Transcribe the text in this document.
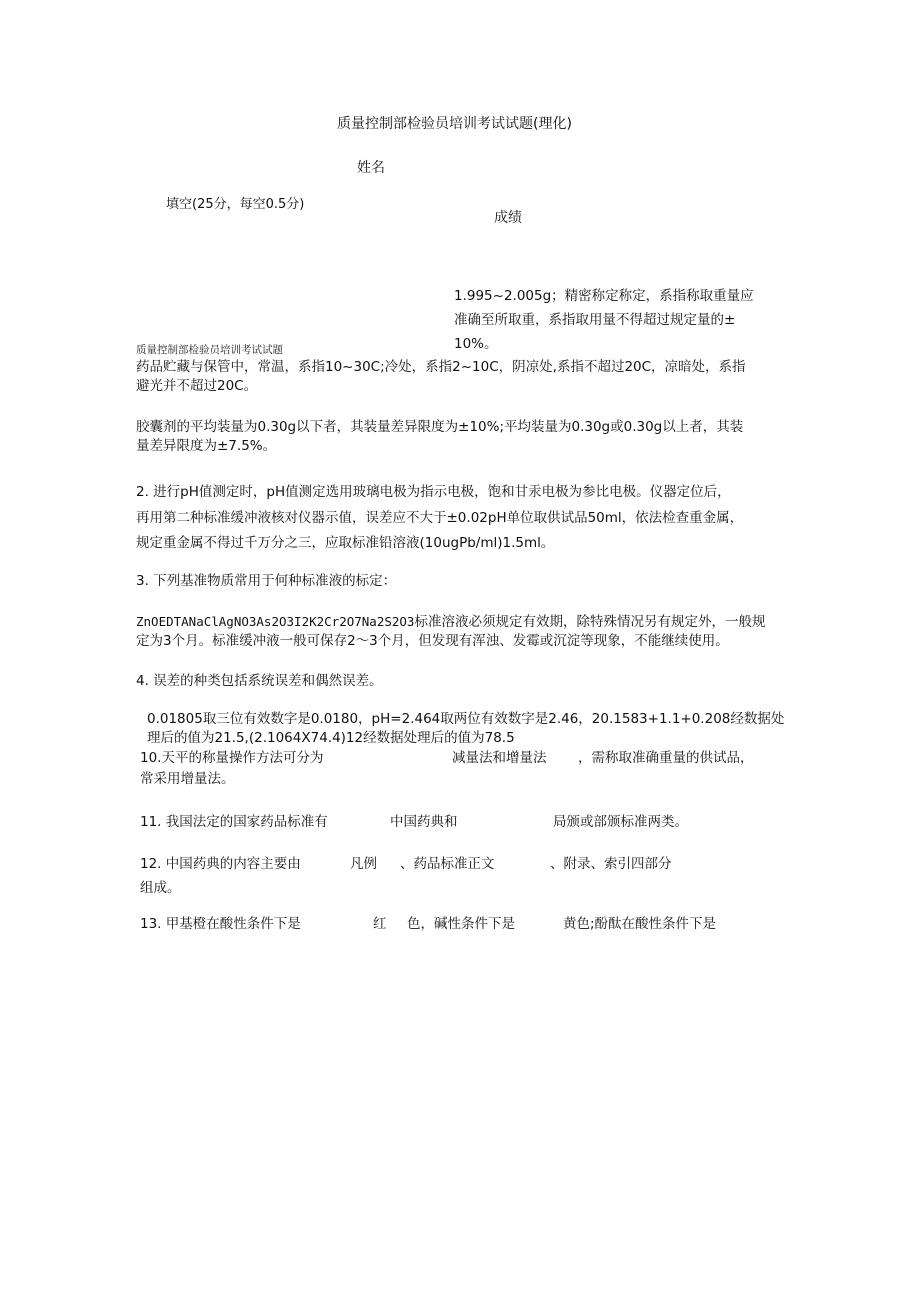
质量控制部检验员培训考试试题(理化)
姓名
填空(25分，每空0.5分)
成绩
1.995~2.005g；精密称定称定，系指称取重量应
准确至所取重，系指取用量不得超过规定量的±
10%。
质量控制部检验员培训考试试题
药品贮藏与保管中，常温，系指10~30C;冷处，系指2~10C，阴凉处,系指不超过20C，凉暗处，系指
避光并不超过20C。
胶囊剂的平均装量为0.30g以下者，其装量差异限度为±10%;平均装量为0.30g或0.30g以上者，其装
量差异限度为±7.5%。
2. 进行pH值测定时，pH值测定选用玻璃电极为指示电极，饱和甘汞电极为参比电极。仪器定位后，
再用第二种标准缓冲液核对仪器示值，误差应不大于±0.02pH单位取供试品50ml，依法检查重金属，
规定重金属不得过千万分之三，应取标准铅溶液(10ugPb/ml)1.5ml。
3. 下列基准物质常用于何种标准液的标定：
ZnOEDTANaClAgNO3As2O3I2K2Cr2O7Na2S2O3标准溶液必须规定有效期，除特殊情况另有规定外，一般规
定为3个月。标准缓冲液一般可保存2～3个月，但发现有浑浊、发霉或沉淀等现象，不能继续使用。
4. 误差的种类包括系统误差和偶然误差。
0.01805取三位有效数字是0.0180，pH=2.464取两位有效数字是2.46，20.1583+1.1+0.208经数据处
理后的值为21.5,(2.1064X74.4)12经数据处理后的值为78.5
10.天平的称量操作方法可分为	减量法和增量法 ，需称取准确重量的供试品，
常采用增量法。
11. 我国法定的国家药品标准有	中国药典和	局颁或部颁标准两类。
12. 中国药典的内容主要由	凡例 、药品标准正文	、附录、索引四部分
组成。
13. 甲基橙在酸性条件下是	红 色，碱性条件下是	黄色;酚酞在酸性条件下是
